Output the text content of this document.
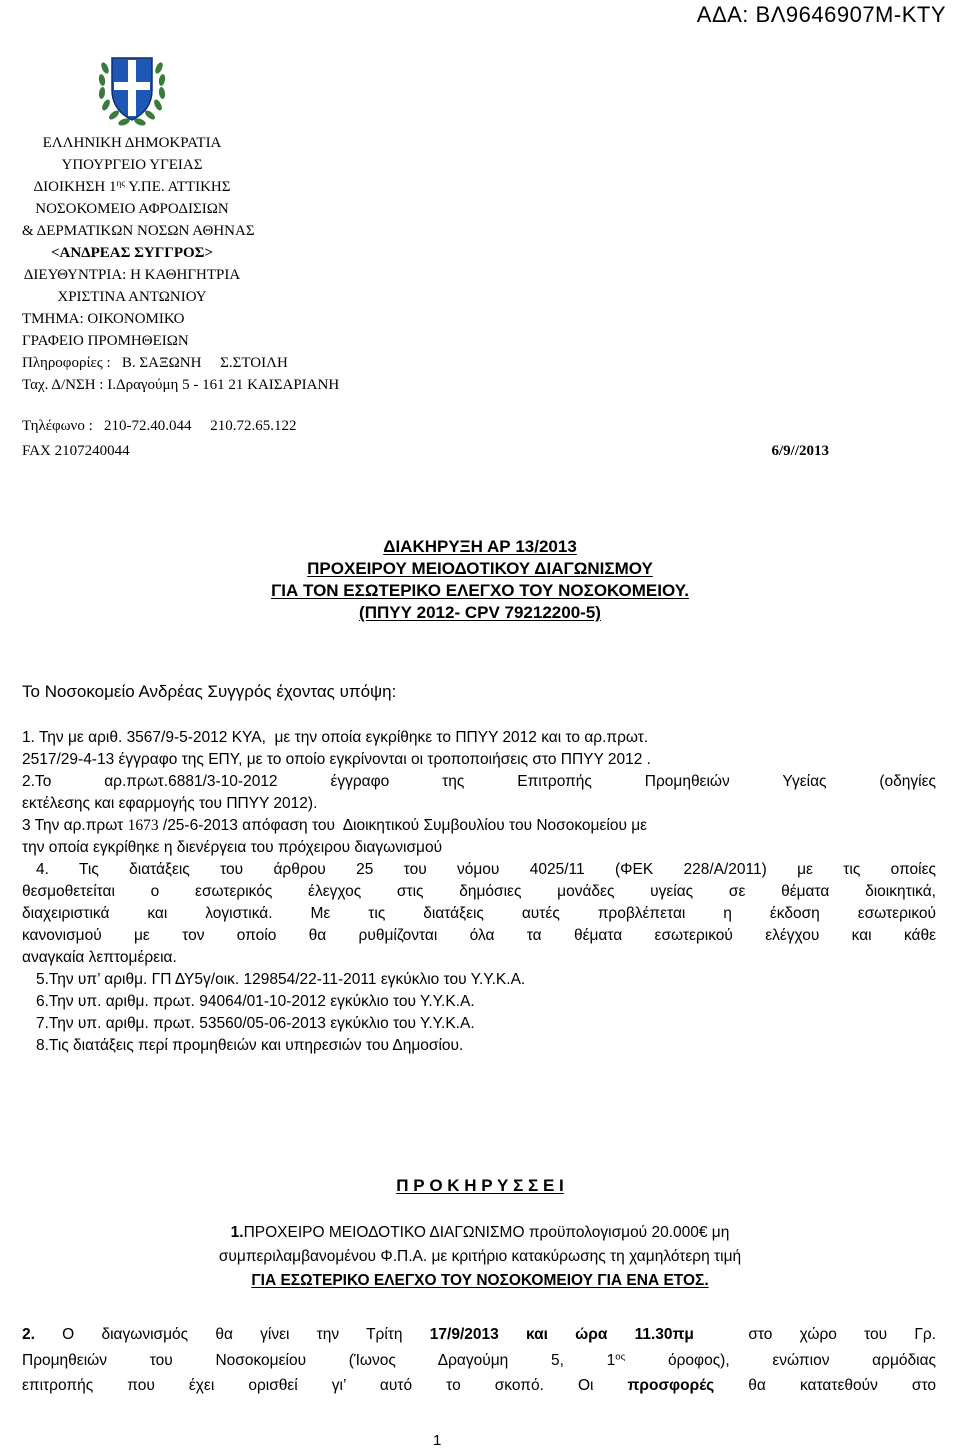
ΑΔΑ: ΒΛ9646907Μ-ΚΤΥ
ΕΛΛΗΝΙΚΗ ΔΗΜΟΚΡΑΤΙΑ
ΥΠΟΥΡΓΕΙΟ ΥΓΕΙΑΣ
ΔΙΟΙΚΗΣΗ $1^{\eta\varsigma}$ Υ.ΠΕ. ΑΤΤΙΚΗΣ
ΝΟΣΟΚΟΜΕΙΟ ΑΦΡΟΔΙΣΙΩΝ
& ΔΕΡΜΑΤΙΚΩΝ ΝΟΣΩΝ ΑΘΗΝΑΣ
<ΑΝΔΡΕΑΣ ΣΥΓΓΡΟΣ>
ΔΙΕΥΘΥΝΤΡΙΑ: Η ΚΑΘΗΓΗΤΡΙΑ
ΧΡΙΣΤΙΝΑ ΑΝΤΩΝΙΟΥ
ΤΜΗΜΑ: ΟΙΚΟΝΟΜΙΚΟ
ΓΡΑΦΕΙΟ ΠΡΟΜΗΘΕΙΩΝ
Πληροφορίες :   Β. ΣΑΞΩΝΗ     Σ.ΣΤΟΙΛΗ
Ταχ. Δ/ΝΣΗ : Ι.Δραγούμη 5 - 161 21 ΚΑΙΣΑΡΙΑΝΗ
Τηλέφωνο :   210-72.40.044     210.72.65.122
FAX 2107240044	6/9//2013
ΔΙΑΚΗΡΥΞΗ ΑΡ 13/2013
ΠΡΟΧΕΙΡΟΥ ΜΕΙΟΔΟΤΙΚΟΥ ΔΙΑΓΩΝΙΣΜΟΥ
ΓΙΑ ΤΟΝ ΕΣΩΤΕΡΙΚΟ ΕΛΕΓΧΟ ΤΟΥ ΝΟΣΟΚΟΜΕΙΟΥ.
(ΠΠΥΥ 2012- CPV 79212200-5)
Το Νοσοκομείο Ανδρέας Συγγρός έχοντας υπόψη:
1. Την με αριθ. 3567/9-5-2012 ΚΥΑ,  με την οποία εγκρίθηκε το ΠΠΥΥ 2012 και το αρ.πρωτ.
2517/29-4-13 έγγραφο της ΕΠΥ, με το οποίο εγκρίνονται οι τροποποιήσεις στο ΠΠΥΥ 2012 .
2.Το αρ.πρωτ.6881/3-10-2012 έγγραφο της Επιτροπής Προμηθειών Υγείας (οδηγίες
εκτέλεσης και εφαρμογής του ΠΠΥΥ 2012).
3 Την αρ.πρωτ 1673 /25-6-2013 απόφαση του  Διοικητικού Συμβουλίου του Νοσοκομείου με
την οποία εγκρίθηκε η διενέργεια του πρόχειρου διαγωνισμού
4. Τις διατάξεις του άρθρου 25 του νόμου 4025/11 (ΦΕΚ 228/Α/2011) με τις οποίες
θεσμοθετείται ο εσωτερικός έλεγχος στις δημόσιες μονάδες υγείας σε θέματα διοικητικά,
διαχειριστικά και λογιστικά. Με τις διατάξεις αυτές προβλέπεται η έκδοση εσωτερικού
κανονισμού με τον οποίο θα ρυθμίζονται όλα τα θέματα εσωτερικού ελέγχου και κάθε
αναγκαία λεπτομέρεια.
5.Την υπ’ αριθμ. ΓΠ ΔΥ5γ/οικ. 129854/22-11-2011 εγκύκλιο του Υ.Υ.Κ.Α.
6.Την υπ. αριθμ. πρωτ. 94064/01-10-2012 εγκύκλιο του Υ.Υ.Κ.Α.
7.Την υπ. αριθμ. πρωτ. 53560/05-06-2013 εγκύκλιο του Υ.Υ.Κ.Α.
8.Τις διατάξεις περί προμηθειών και υπηρεσιών του Δημοσίου.
Π Ρ Ο Κ Η Ρ Υ Σ Σ Ε Ι
1.ΠΡΟΧΕΙΡΟ ΜΕΙΟΔΟΤΙΚΟ ΔΙΑΓΩΝΙΣΜΟ προϋπολογισμού 20.000€ μη
συμπεριλαμβανομένου Φ.Π.Α. με κριτήριο κατακύρωσης τη χαμηλότερη τιμή
ΓΙΑ ΕΣΩΤΕΡΙΚΟ ΕΛΕΓΧΟ ΤΟΥ ΝΟΣΟΚΟΜΕΙΟΥ ΓΙΑ ΕΝΑ ΕΤΟΣ.
2. Ο διαγωνισμός θα γίνει την Τρίτη 17/9/2013 και ώρα 11.30πμ  στο χώρο του Γρ.
Προμηθειών του Νοσοκομείου (Ίωνος Δραγούμη 5, $1^{o\varsigma}$ όροφος), ενώπιον αρμόδιας
επιτροπής που έχει ορισθεί γι’ αυτό το σκοπό. Οι προσφορές θα κατατεθούν στο
1
